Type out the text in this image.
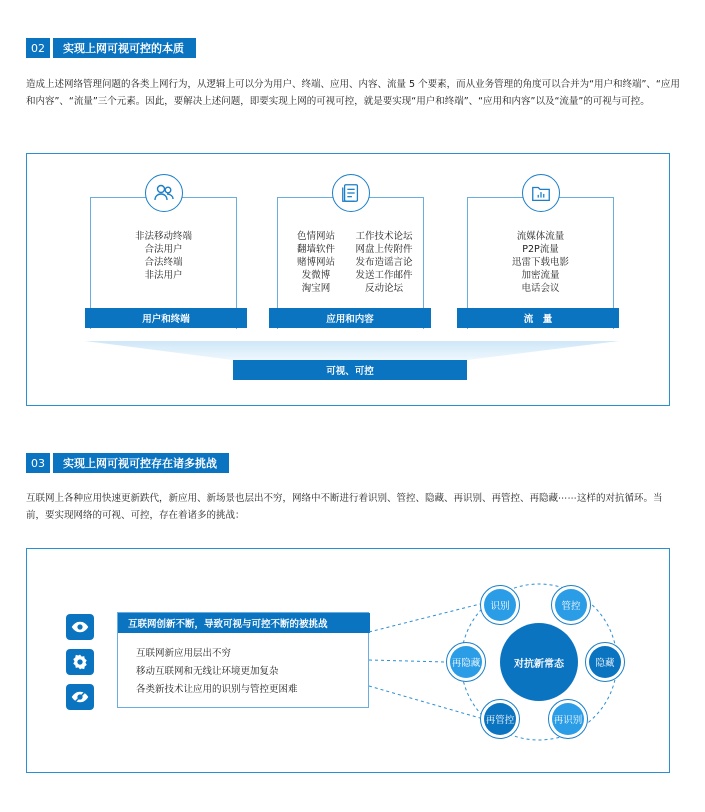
02	实现上网可视可控的本质
造成上述网络管理问题的各类上网行为，从逻辑上可以分为用户、终端、应用、内容、流量 5 个要素，而从业务管理的角度可以合并为“用户和终端”、“应用和内容”、“流量”三个元素。因此，要解决上述问题，即要实现上网的可视可控，就是要实现“用户和终端”、“应用和内容”以及“流量”的可视与可控。
非法移动终端
合法用户
合法终端
非法用户
用户和终端
色情网站
翻墙软件
赌博网站
发微博
淘宝网
工作技术论坛
网盘上传附件
发布造谣言论
发送工作邮件
反动论坛
应用和内容
流媒体流量
P2P流量
迅雷下载电影
加密流量
电话会议
流　量
可视、可控
03	实现上网可视可控存在诸多挑战
互联网上各种应用快速更新跌代，新应用、新场景也层出不穷，网络中不断进行着识别、管控、隐藏、再识别、再管控、再隐藏⋯⋯这样的对抗循环。当前，要实现网络的可视、可控，存在着诸多的挑战：
互联网创新不断，导致可视与可控不断的被挑战
互联网新应用层出不穷
移动互联网和无线让环境更加复杂
各类新技术让应用的识别与管控更困难
对抗新常态
识别	管控
隐藏
再识别
再管控
再隐藏
